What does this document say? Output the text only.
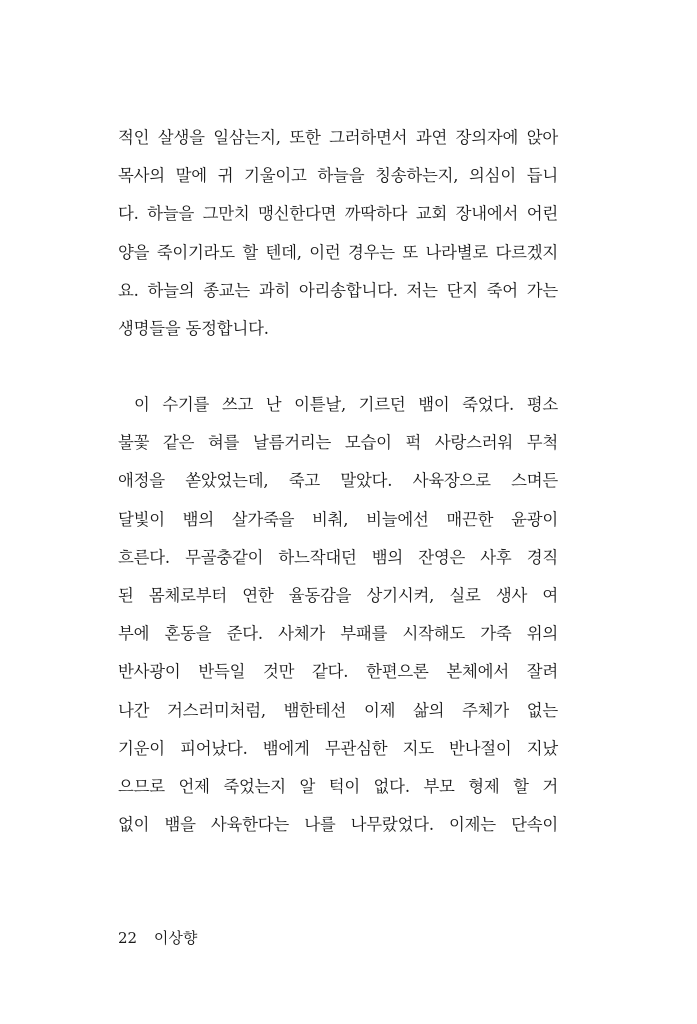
적인 살생을 일삼는지, 또한 그러하면서 과연 장의자에 앉아
목사의 말에 귀 기울이고 하늘을 칭송하는지, 의심이 듭니
다. 하늘을 그만치 맹신한다면 까딱하다 교회 장내에서 어린
양을 죽이기라도 할 텐데, 이런 경우는 또 나라별로 다르겠지
요. 하늘의 종교는 과히 아리송합니다. 저는 단지 죽어 가는
생명들을 동정합니다.
이 수기를 쓰고 난 이튿날, 기르던 뱀이 죽었다. 평소
불꽃 같은 혀를 날름거리는 모습이 퍽 사랑스러워 무척
애정을 쏟았었는데, 죽고 말았다. 사육장으로 스며든
달빛이 뱀의 살가죽을 비춰, 비늘에선 매끈한 윤광이
흐른다. 무골충같이 하느작대던 뱀의 잔영은 사후 경직
된 몸체로부터 연한 율동감을 상기시켜, 실로 생사 여
부에 혼동을 준다. 사체가 부패를 시작해도 가죽 위의
반사광이 반득일 것만 같다. 한편으론 본체에서 잘려
나간 거스러미처럼, 뱀한테선 이제 삶의 주체가 없는
기운이 피어났다. 뱀에게 무관심한 지도 반나절이 지났
으므로 언제 죽었는지 알 턱이 없다. 부모 형제 할 거
없이 뱀을 사육한다는 나를 나무랐었다. 이제는 단속이
22 이상향
